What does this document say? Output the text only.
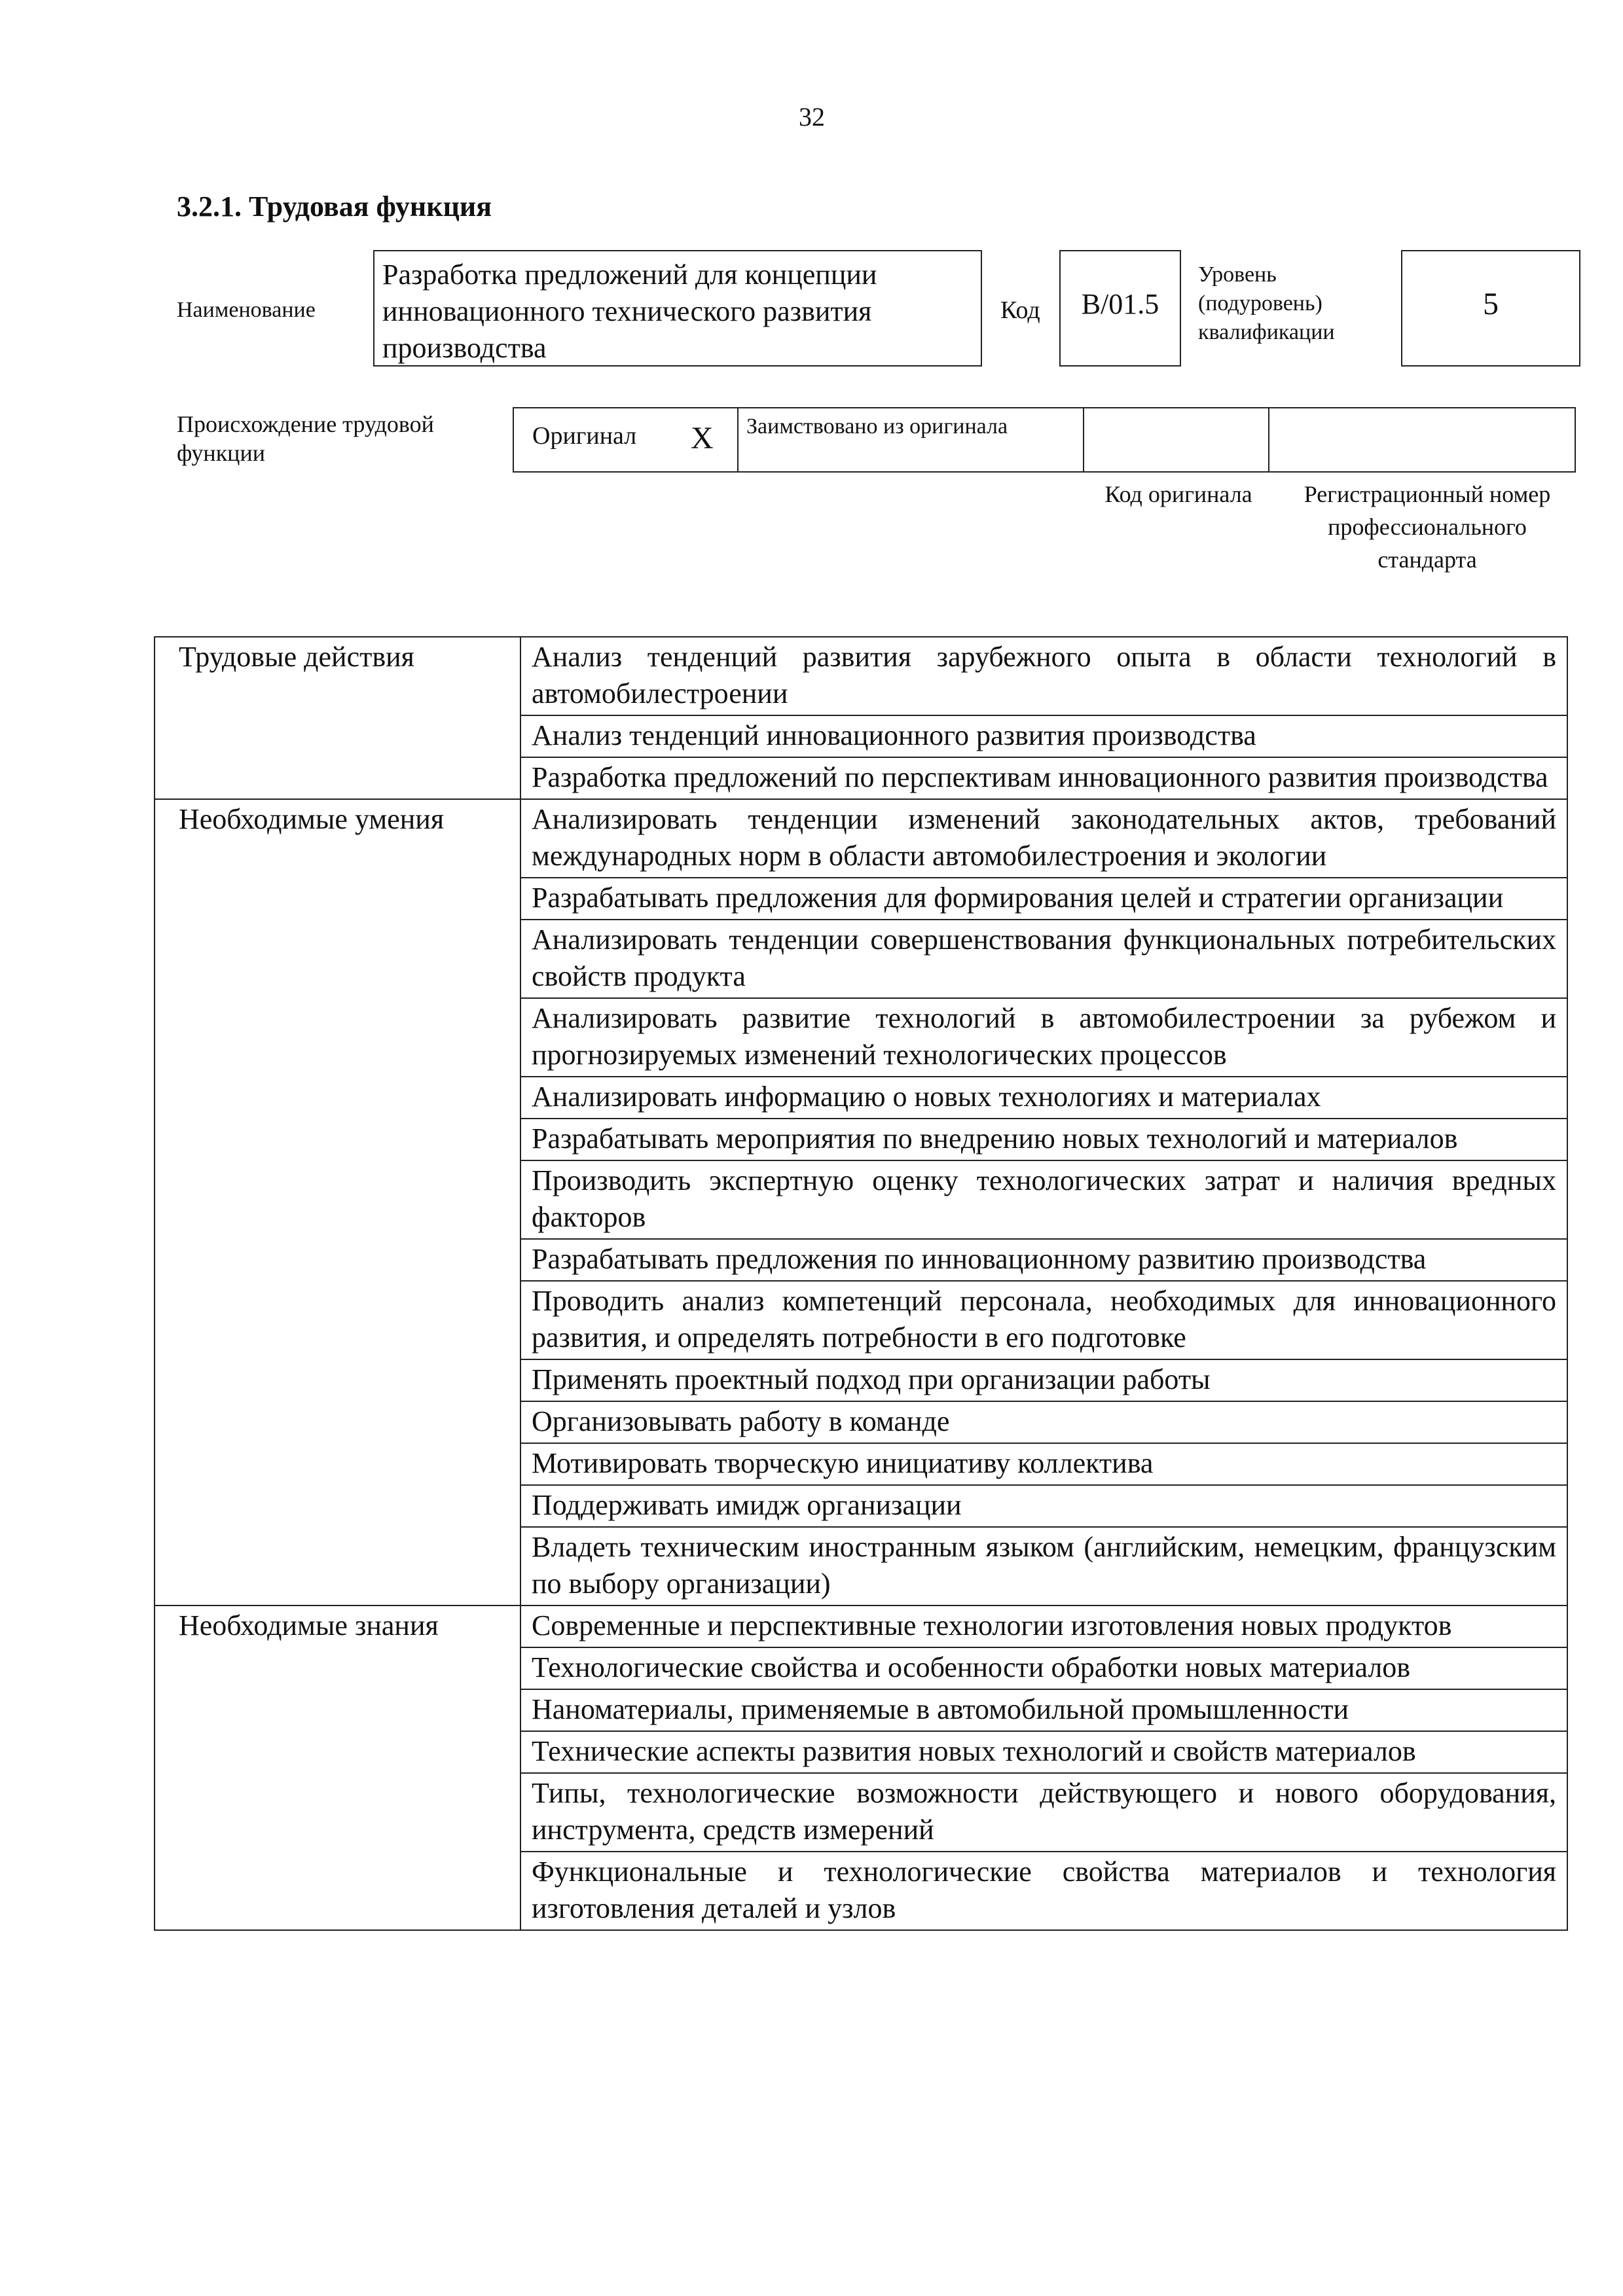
32
3.2.1. Трудовая функция
Наименование
Разработка предложений для концепции инновационного технического развития производства
Код	B/01.5
Уровень (подуровень) квалификации
5
Происхождение трудовой функции
Оригинал X	Заимствовано из оригинала
Код оригинала	Регистрационный номер профессионального стандарта
Трудовые действия	Анализ тенденций развития зарубежного опыта в области технологий в автомобилестроении
	Анализ тенденций инновационного развития производства
	Разработка предложений по перспективам инновационного развития производства
Необходимые умения	Анализировать тенденции изменений законодательных актов, требований международных норм в области автомобилестроения и экологии
	Разрабатывать предложения для формирования целей и стратегии организации
	Анализировать тенденции совершенствования функциональных потребительских свойств продукта
	Анализировать развитие технологий в автомобилестроении за рубежом и прогнозируемых изменений технологических процессов
	Анализировать информацию о новых технологиях и материалах
	Разрабатывать мероприятия по внедрению новых технологий и материалов
	Производить экспертную оценку технологических затрат и наличия вредных факторов
	Разрабатывать предложения по инновационному развитию производства
	Проводить анализ компетенций персонала, необходимых для инновационного развития, и определять потребности в его подготовке
	Применять проектный подход при организации работы
	Организовывать работу в команде
	Мотивировать творческую инициативу коллектива
	Поддерживать имидж организации
	Владеть техническим иностранным языком (английским, немецким, французским по выбору организации)
Необходимые знания	Современные и перспективные технологии изготовления новых продуктов
	Технологические свойства и особенности обработки новых материалов
	Наноматериалы, применяемые в автомобильной промышленности
	Технические аспекты развития новых технологий и свойств материалов
	Типы, технологические возможности действующего и нового оборудования, инструмента, средств измерений
	Функциональные и технологические свойства материалов и технология изготовления деталей и узлов
